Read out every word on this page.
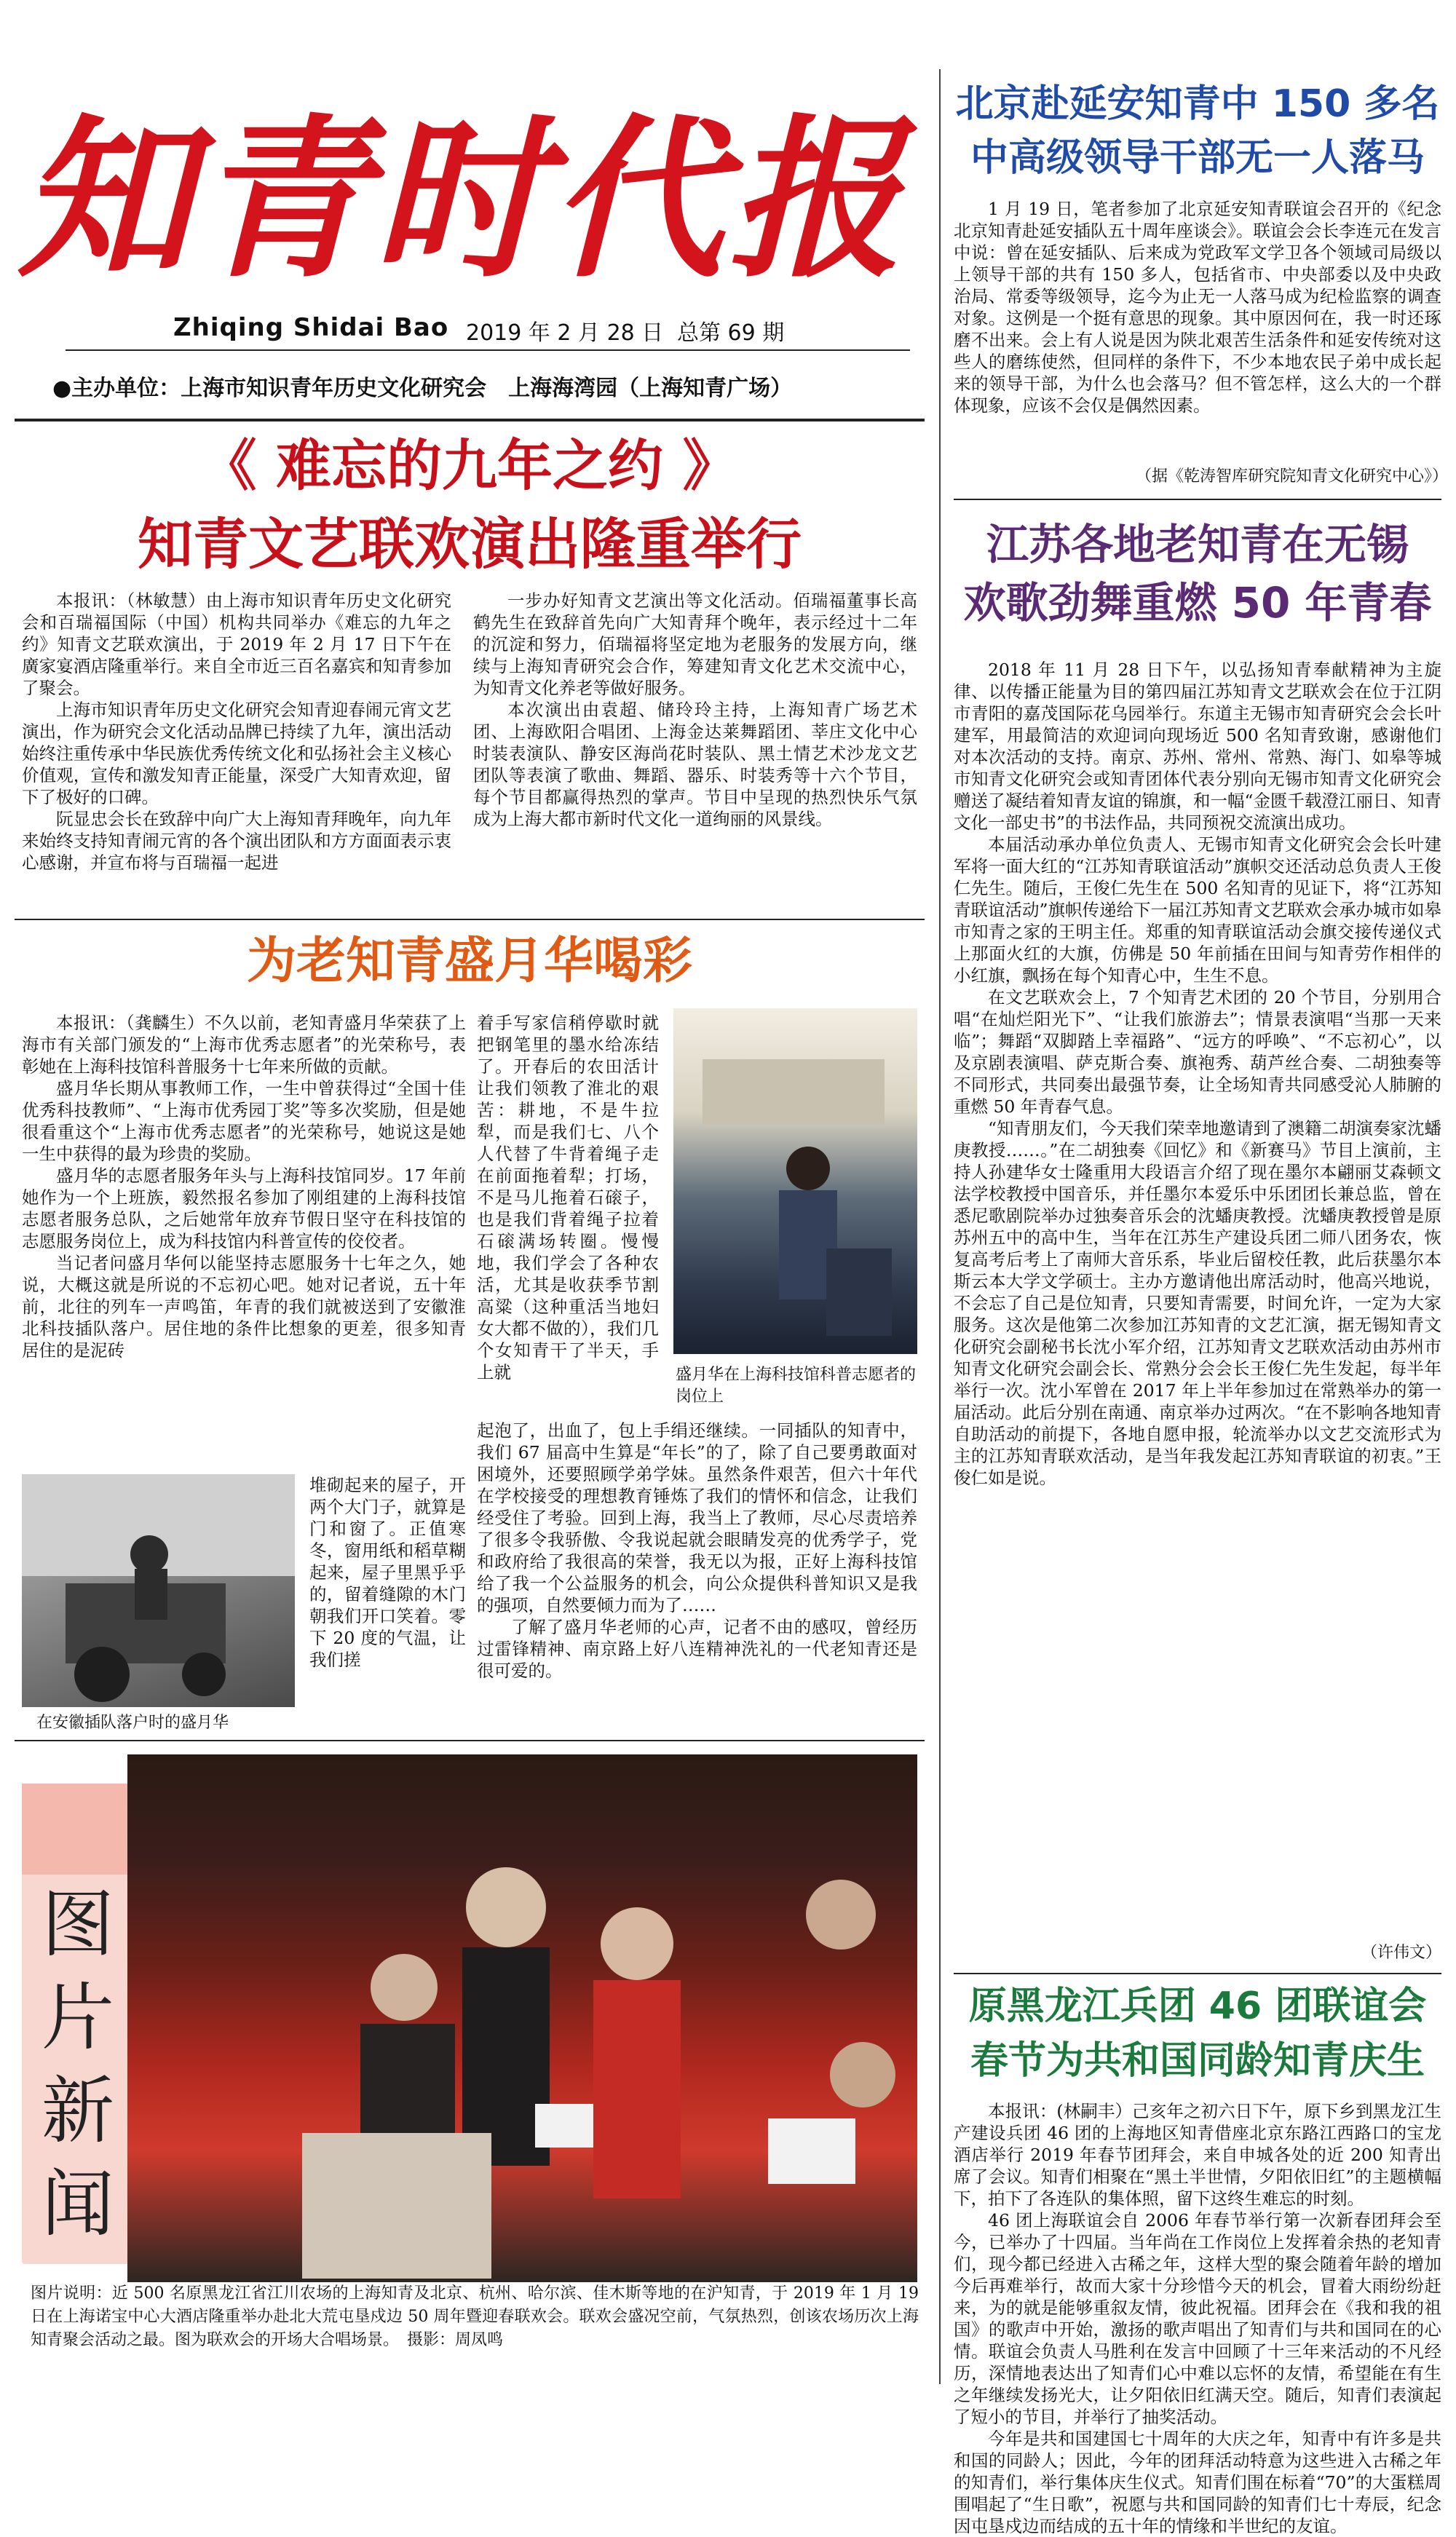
知青时代报
Zhiqing Shidai Bao 2019 年 2 月 28 日 总第 69 期
●主办单位：上海市知识青年历史文化研究会　上海海湾园（上海知青广场）
《 难忘的九年之约 》
知青文艺联欢演出隆重举行

本报讯：（林敏慧）由上海市知识青年历史文化研究会和百瑞福国际（中国）机构共同举办《难忘的九年之约》知青文艺联欢演出，于 2019 年 2 月 17 日下午在廣家宴酒店隆重举行。来自全市近三百名嘉宾和知青参加了聚会。

上海市知识青年历史文化研究会知青迎春闹元宵文艺演出，作为研究会文化活动品牌已持续了九年，演出活动始终注重传承中华民族优秀传统文化和弘扬社会主义核心价值观，宣传和激发知青正能量，深受广大知青欢迎，留下了极好的口碑。

阮显忠会长在致辞中向广大上海知青拜晚年，向九年来始终支持知青闹元宵的各个演出团队和方方面面表示衷心感谢，并宣布将与百瑞福一起进

一步办好知青文艺演出等文化活动。佰瑞福董事长高鹤先生在致辞首先向广大知青拜个晚年，表示经过十二年的沉淀和努力，佰瑞福将坚定地为老服务的发展方向，继续与上海知青研究会合作，筹建知青文化艺术交流中心，为知青文化养老等做好服务。

本次演出由袁超、储玲玲主持，上海知青广场艺术团、上海欧阳合唱团、上海金达莱舞蹈团、莘庄文化中心时装表演队、静安区海尚花时装队、黑土情艺术沙龙文艺团队等表演了歌曲、舞蹈、器乐、时装秀等十六个节目，每个节目都赢得热烈的掌声。节目中呈现的热烈快乐气氛成为上海大都市新时代文化一道绚丽的风景线。

为老知青盛月华喝彩

本报讯：（龚麟生）不久以前，老知青盛月华荣获了上海市有关部门颁发的“上海市优秀志愿者”的光荣称号，表彰她在上海科技馆科普服务十七年来所做的贡献。

盛月华长期从事教师工作，一生中曾获得过“全国十佳优秀科技教师”、“上海市优秀园丁奖”等多次奖励，但是她很看重这个“上海市优秀志愿者”的光荣称号，她说这是她一生中获得的最为珍贵的奖励。

盛月华的志愿者服务年头与上海科技馆同岁。17 年前她作为一个上班族，毅然报名参加了刚组建的上海科技馆志愿者服务总队，之后她常年放弃节假日坚守在科技馆的志愿服务岗位上，成为科技馆内科普宣传的佼佼者。

当记者问盛月华何以能坚持志愿服务十七年之久，她说，大概这就是所说的不忘初心吧。她对记者说，五十年前，北往的列车一声鸣笛，年青的我们就被送到了安徽淮北科技插队落户。居住地的条件比想象的更差，很多知青居住的是泥砖

在安徽插队落户时的盛月华
堆砌起来的屋子，开两个大门子，就算是门和窗了。正值寒冬，窗用纸和稻草糊起来，屋子里黑乎乎的，留着缝隙的木门朝我们开口笑着。零下 20 度的气温，让我们搓
着手写家信稍停歇时就把钢笔里的墨水给冻结了。开春后的农田活计让我们领教了淮北的艰苦：耕地，不是牛拉犁，而是我们七、八个人代替了牛背着绳子走在前面拖着犁；打场，不是马儿拖着石磙子，也是我们背着绳子拉着石磙满场转圈。慢慢地，我们学会了各种农活，尤其是收获季节割高粱（这种重活当地妇女大都不做的），我们几个女知青干了半天，手上就	盛月华在上海科技馆科普志愿者的岗位上

起泡了，出血了，包上手绢还继续。一同插队的知青中，我们 67 届高中生算是“年长”的了，除了自己要勇敢面对困境外，还要照顾学弟学妹。虽然条件艰苦，但六十年代在学校接受的理想教育锤炼了我们的情怀和信念，让我们经受住了考验。回到上海，我当上了教师，尽心尽责培养了很多令我骄傲、令我说起就会眼睛发亮的优秀学子，党和政府给了我很高的荣誉，我无以为报，正好上海科技馆给了我一个公益服务的机会，向公众提供科普知识又是我的强项，自然要倾力而为了……

了解了盛月华老师的心声，记者不由的感叹，曾经历过雷锋精神、南京路上好八连精神洗礼的一代老知青还是很可爱的。

图片新闻
图片说明：近 500 名原黑龙江省江川农场的上海知青及北京、杭州、哈尔滨、佳木斯等地的在沪知青，于 2019 年 1 月 19 日在上海诺宝中心大酒店隆重举办赴北大荒屯垦戍边 50 周年暨迎春联欢会。联欢会盛况空前，气氛热烈，创该农场历次上海知青聚会活动之最。图为联欢会的开场大合唱场景。　摄影：周凤鸣
北京赴延安知青中 150 多名
中高级领导干部无一人落马

1 月 19 日，笔者参加了北京延安知青联谊会召开的《纪念北京知青赴延安插队五十周年座谈会》。联谊会会长李连元在发言中说：曾在延安插队、后来成为党政军文学卫各个领域司局级以上领导干部的共有 150 多人，包括省市、中央部委以及中央政治局、常委等级领导，迄今为止无一人落马成为纪检监察的调查对象。这例是一个挺有意思的现象。其中原因何在，我一时还琢磨不出来。会上有人说是因为陕北艰苦生活条件和延安传统对这些人的磨练使然，但同样的条件下，不少本地农民子弟中成长起来的领导干部，为什么也会落马？但不管怎样，这么大的一个群体现象，应该不会仅是偶然因素。

（据《乾涛智库研究院知青文化研究中心》）
江苏各地老知青在无锡
欢歌劲舞重燃 50 年青春

2018 年 11 月 28 日下午，以弘扬知青奉献精神为主旋律、以传播正能量为目的第四届江苏知青文艺联欢会在位于江阴市青阳的嘉茂国际花乌园举行。东道主无锡市知青研究会会长叶建军，用最简洁的欢迎词向现场近 500 名知青致谢，感谢他们对本次活动的支持。南京、苏州、常州、常熟、海门、如皋等城市知青文化研究会或知青团体代表分别向无锡市知青文化研究会赠送了凝结着知青友谊的锦旗，和一幅“金匮千载澄江丽日、知青文化一部史书”的书法作品，共同预祝交流演出成功。

本届活动承办单位负责人、无锡市知青文化研究会会长叶建军将一面大红的“江苏知青联谊活动”旗帜交还活动总负责人王俊仁先生。随后，王俊仁先生在 500 名知青的见证下，将“江苏知青联谊活动”旗帜传递给下一届江苏知青文艺联欢会承办城市如皋市知青之家的王明主任。郑重的知青联谊活动会旗交接传递仪式上那面火红的大旗，仿佛是 50 年前插在田间与知青劳作相伴的小红旗，飘扬在每个知青心中，生生不息。

在文艺联欢会上，7 个知青艺术团的 20 个节目，分别用合唱“在灿烂阳光下”、“让我们旅游去”；情景表演唱“当那一天来临”；舞蹈“双脚踏上幸福路”、“远方的呼唤”、“不忘初心”，以及京剧表演唱、萨克斯合奏、旗袍秀、葫芦丝合奏、二胡独奏等不同形式，共同奏出最强节奏，让全场知青共同感受沁人肺腑的重燃 50 年青春气息。

“知青朋友们，今天我们荣幸地邀请到了澳籍二胡演奏家沈蟠庚教授……。”在二胡独奏《回忆》和《新赛马》节目上演前，主持人孙建华女士隆重用大段语言介绍了现在墨尔本翩丽艾森顿文法学校教授中国音乐，并任墨尔本爱乐中乐团团长兼总监，曾在悉尼歌剧院举办过独奏音乐会的沈蟠庚教授。沈蟠庚教授曾是原苏州五中的高中生，当年在江苏生产建设兵团二师八团务农，恢复高考后考上了南师大音乐系，毕业后留校任教，此后获墨尔本斯云本大学文学硕士。主办方邀请他出席活动时，他高兴地说，不会忘了自己是位知青，只要知青需要，时间允许，一定为大家服务。这次是他第二次参加江苏知青的文艺汇演，据无锡知青文化研究会副秘书长沈小军介绍，江苏知青文艺联欢活动由苏州市知青文化研究会副会长、常熟分会会长王俊仁先生发起，每半年举行一次。沈小军曾在 2017 年上半年参加过在常熟举办的第一届活动。此后分别在南通、南京举办过两次。“在不影响各地知青自助活动的前提下，各地自愿申报，轮流举办以文艺交流形式为主的江苏知青联欢活动，是当年我发起江苏知青联谊的初衷。”王俊仁如是说。

（许伟文）
原黑龙江兵团 46 团联谊会
春节为共和国同龄知青庆生

本报讯：(林嗣丰）己亥年之初六日下午，原下乡到黑龙江生产建设兵团 46 团的上海地区知青借座北京东路江西路口的宝龙酒店举行 2019 年春节团拜会，来自申城各处的近 200 知青出席了会议。知青们相聚在“黑土半世情，夕阳依旧红”的主题横幅下，拍下了各连队的集体照，留下这终生难忘的时刻。

46 团上海联谊会自 2006 年春节举行第一次新春团拜会至今，已举办了十四届。当年尚在工作岗位上发挥着余热的老知青们，现今都已经进入古稀之年，这样大型的聚会随着年龄的增加今后再难举行，故而大家十分珍惜今天的机会，冒着大雨纷纷赶来，为的就是能够重叙友情，彼此祝福。团拜会在《我和我的祖国》的歌声中开始，激扬的歌声唱出了知青们与共和国同在的心情。联谊会负责人马胜利在发言中回顾了十三年来活动的不凡经历，深情地表达出了知青们心中难以忘怀的友情，希望能在有生之年继续发扬光大，让夕阳依旧红满天空。随后，知青们表演起了短小的节目，并举行了抽奖活动。

今年是共和国建国七十周年的大庆之年，知青中有许多是共和国的同龄人；因此，今年的团拜活动特意为这些进入古稀之年的知青们，举行集体庆生仪式。知青们围在标着“70”的大蛋糕周围唱起了“生日歌”，祝愿与共和国同龄的知青们七十寿辰，纪念因屯垦戍边而结成的五十年的情缘和半世纪的友谊。
